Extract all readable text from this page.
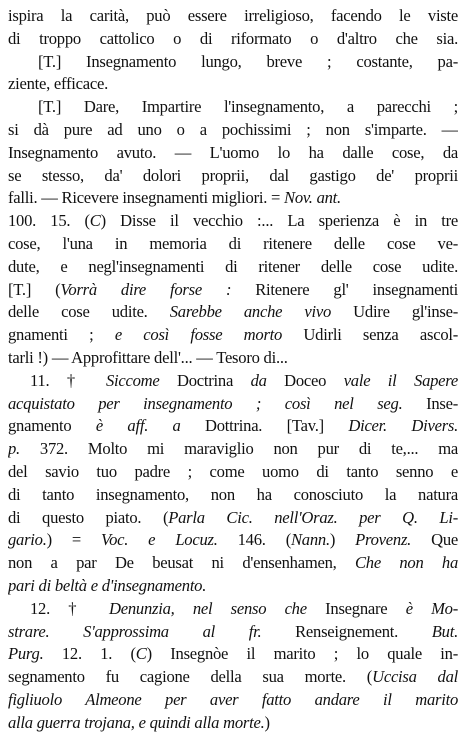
ispira la carità, può essere irreligioso, facendo le viste
di troppo cattolico o di riformato o d'altro che sia.
[T.] Insegnamento lungo, breve ; costante, pa-
ziente, efficace.
[T.] Dare, Impartire l'insegnamento, a parecchi ;
si dà pure ad uno o a pochissimi ; non s'imparte. —
Insegnamento avuto. — L'uomo lo ha dalle cose, da
se stesso, da' dolori proprii, dal gastigo de' proprii
falli. — Ricevere insegnamenti migliori. = Nov. ant.
100. 15. (C) Disse il vecchio :... La sperienza è in tre
cose, l'una in memoria di ritenere delle cose ve-
dute, e negl'insegnamenti di ritener delle cose udite.
[T.] (Vorrà dire forse : Ritenere gl' insegnamenti
delle cose udite. Sarebbe anche vivo Udire gl'inse-
gnamenti ; e così fosse morto Udirli senza ascol-
tarli !) — Approfittare dell'... — Tesoro di...
11. † Siccome Doctrina da Doceo vale il Sapere
acquistato per insegnamento ; così nel seg. Inse-
gnamento è aff. a Dottrina. [Tav.] Dicer. Divers.
p. 372. Molto mi maraviglio non pur di te,... ma
del savio tuo padre ; come uomo di tanto senno e
di tanto insegnamento, non ha conosciuto la natura
di questo piato. (Parla Cic. nell'Oraz. per Q. Li-
gario.) = Voc. e Locuz. 146. (Nann.) Provenz. Que
non a par De beusat ni d'ensenhamen, Che non ha
pari di beltà e d'insegnamento.
12. † Denunzia, nel senso che Insegnare è Mo-
strare. S'approssima al fr. Renseignement. But.
Purg. 12. 1. (C) Insegnòe il marito ; lo quale in-
segnamento fu cagione della sua morte. (Uccisa dal
figliuolo Almeone per aver fatto andare il marito
alla guerra trojana, e quindi alla morte.)
